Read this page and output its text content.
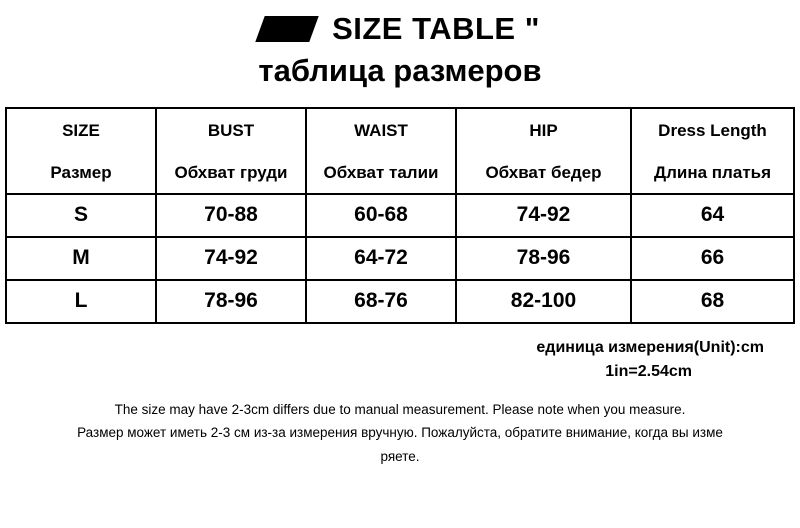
SIZE TABLE "
таблица размеров
SIZE	BUST	WAIST	HIP	Dress Length
Размер	Обхват груди	Обхват талии	Обхват бедер	Длина платья
S	70-88	60-68	74-92	64
M	74-92	64-72	78-96	66
L	78-96	68-76	82-100	68
единица измерения(Unit):cm
1in=2.54cm
The size may have 2-3cm differs due to manual measurement. Please note when you measure.
Размер может иметь 2-3 см из-за измерения вручную. Пожалуйста, обратите внимание, когда вы изме
ряете.
